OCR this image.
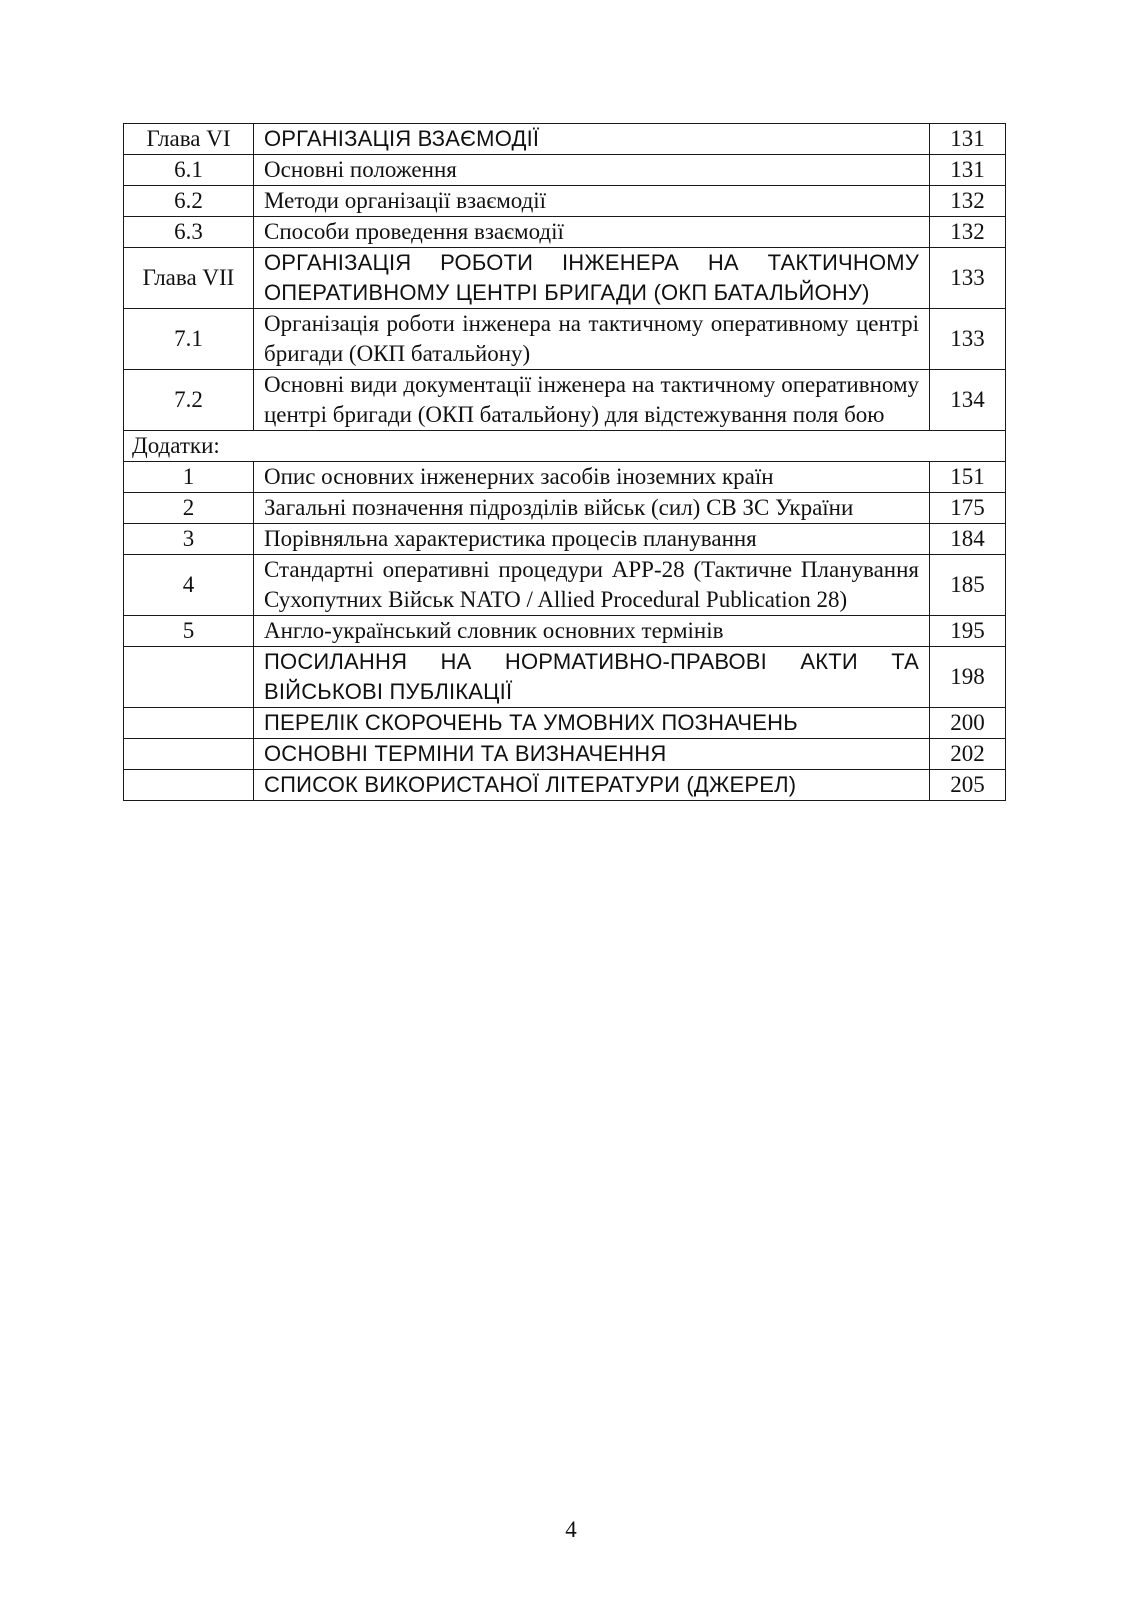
Глава VI	ОРГАНІЗАЦІЯ ВЗАЄМОДІЇ	131
6.1	Основні положення	131
6.2	Методи організації взаємодії	132
6.3	Способи проведення взаємодії	132
Глава VII	ОРГАНІЗАЦІЯ РОБОТИ ІНЖЕНЕРА НА ТАКТИЧНОМУ ОПЕРАТИВНОМУ ЦЕНТРІ БРИГАДИ (ОКП БАТАЛЬЙОНУ)	133
7.1	Організація роботи інженера на тактичному оперативному центрі бригади (ОКП батальйону)	133
7.2	Основні види документації інженера на тактичному оперативному центрі бригади (ОКП батальйону) для відстежування поля бою	134
Додатки:		
1	Опис основних інженерних засобів іноземних країн	151
2	Загальні позначення підрозділів військ (сил) СВ ЗС України	175
3	Порівняльна характеристика процесів планування	184
4	Стандартні оперативні процедури APP-28 (Тактичне Планування Сухопутних Військ NATO / Allied Procedural Publication 28)	185
5	Англо-український словник основних термінів	195
	ПОСИЛАННЯ НА НОРМАТИВНО-ПРАВОВІ АКТИ ТА ВІЙСЬКОВІ ПУБЛІКАЦІЇ	198
	ПЕРЕЛІК СКОРОЧЕНЬ ТА УМОВНИХ ПОЗНАЧЕНЬ	200
	ОСНОВНІ ТЕРМІНИ ТА ВИЗНАЧЕННЯ	202
	СПИСОК ВИКОРИСТАНОЇ ЛІТЕРАТУРИ (ДЖЕРЕЛ)	205
4
